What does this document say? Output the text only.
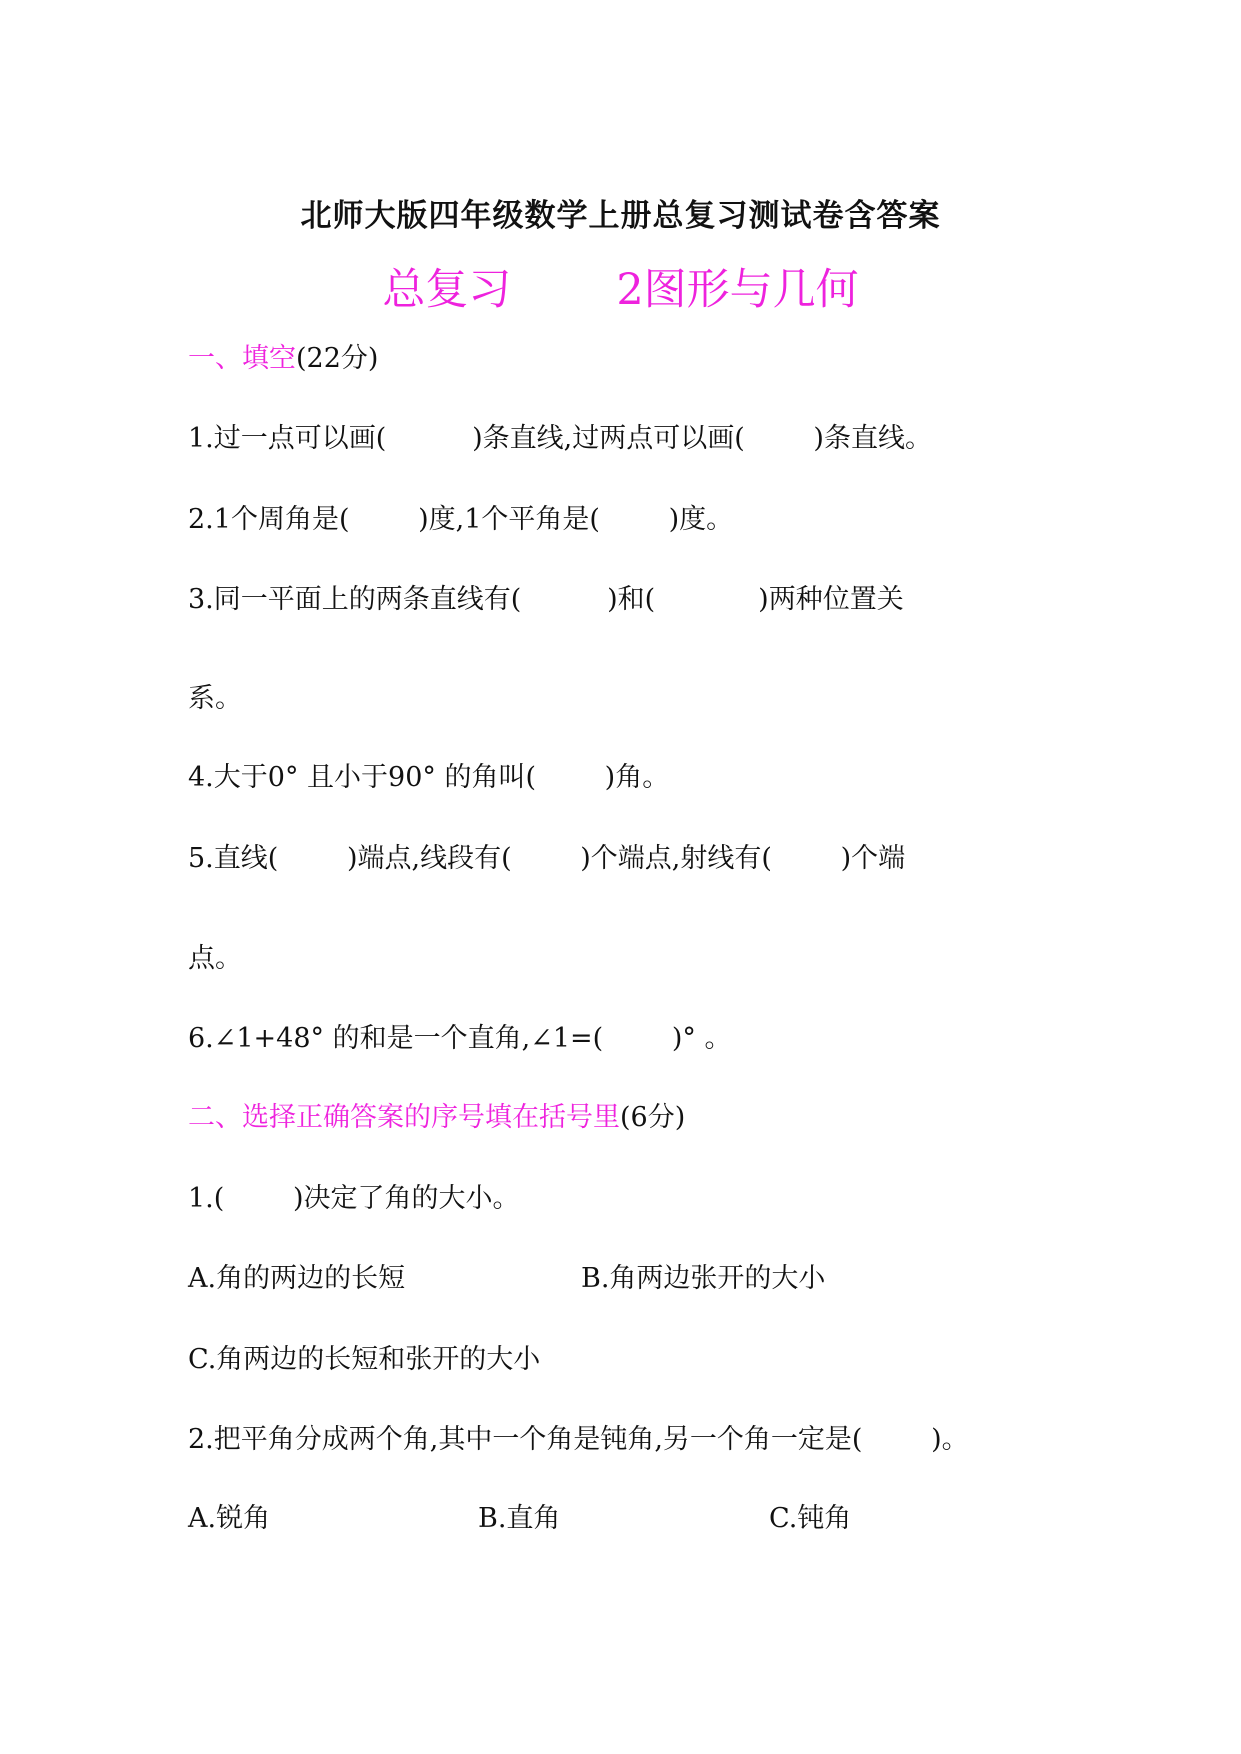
北师大版四年级数学上册总复习测试卷含答案
总复习 2图形与几何
一、填空(22分)
1.过一点可以画(          )条直线,过两点可以画(        )条直线。
2.1个周角是(        )度,1个平角是(        )度。
3.同一平面上的两条直线有(          )和(            )两种位置关
系。
4.大于0° 且小于90° 的角叫(        )角。
5.直线(        )端点,线段有(        )个端点,射线有(        )个端
点。
6.∠1+48° 的和是一个直角,∠1=(        )° 。
二、选择正确答案的序号填在括号里(6分)
1.(        )决定了角的大小。
A.角的两边的长短	B.角两边张开的大小
C.角两边的长短和张开的大小
2.把平角分成两个角,其中一个角是钝角,另一个角一定是(        )。
A.锐角	B.直角	C.钝角
